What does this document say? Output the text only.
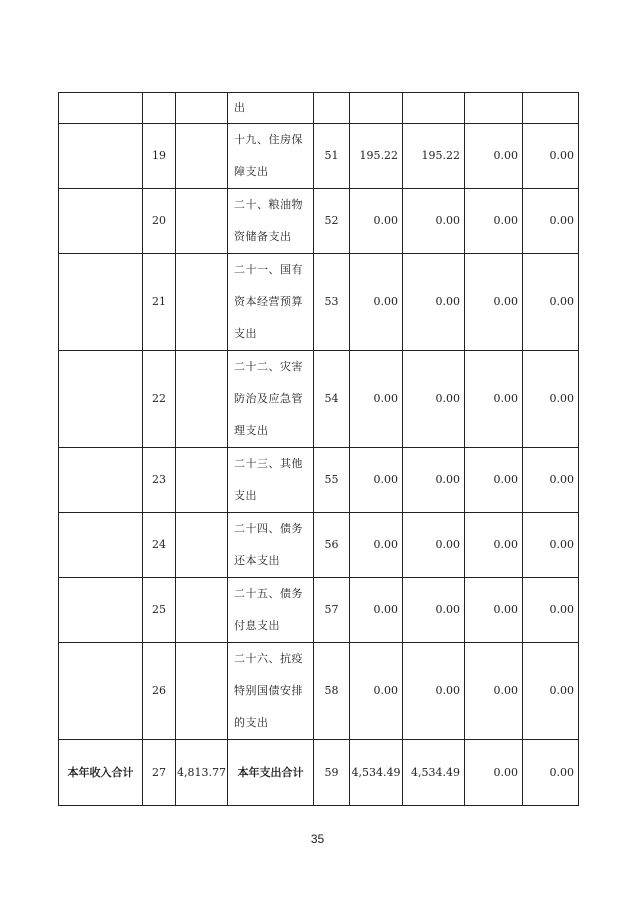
			出					

	19		十九、住房保障支出	51	195.22	195.22	0.00	0.00
	20		二十、粮油物资储备支出	52	0.00	0.00	0.00	0.00
	21		二十一、国有资本经营预算支出	53	0.00	0.00	0.00	0.00
	22		二十二、灾害防治及应急管理支出	54	0.00	0.00	0.00	0.00
	23		二十三、其他支出	55	0.00	0.00	0.00	0.00
	24		二十四、债务还本支出	56	0.00	0.00	0.00	0.00
	25		二十五、债务付息支出	57	0.00	0.00	0.00	0.00
	26		二十六、抗疫特别国债安排的支出	58	0.00	0.00	0.00	0.00
本年收入合计	27	4,813.77	本年支出合计	59	4,534.49	4,534.49	0.00	0.00
35
